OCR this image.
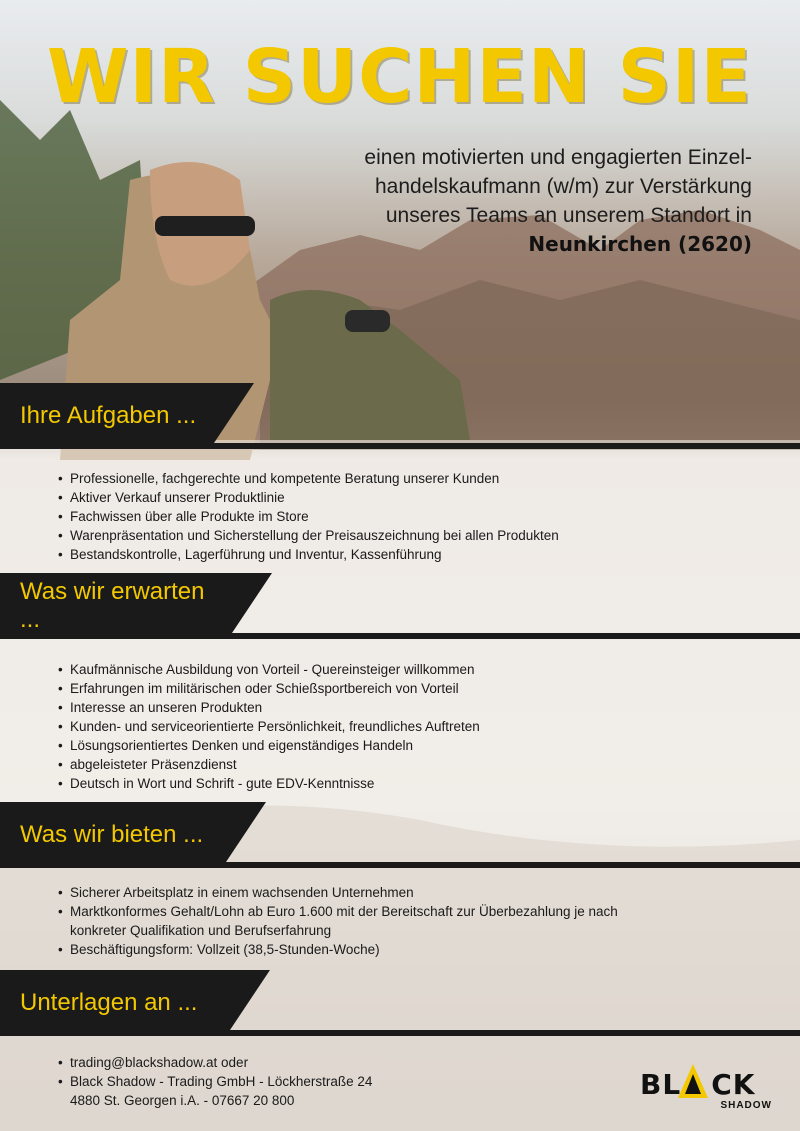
WIR SUCHEN SIE
einen motivierten und engagierten Einzel-
handelskaufmann (w/m) zur Verstärkung
unseres Teams an unserem Standort in
Neunkirchen (2620)
Ihre Aufgaben ...
• Professionelle, fachgerechte und kompetente Beratung unserer Kunden
• Aktiver Verkauf unserer Produktlinie
• Fachwissen über alle Produkte im Store
• Warenpräsentation und Sicherstellung der Preisauszeichnung bei allen Produkten
• Bestandskontrolle, Lagerführung und Inventur, Kassenführung
Was wir erwarten ...
• Kaufmännische Ausbildung von Vorteil - Quereinsteiger willkommen
• Erfahrungen im militärischen oder Schießsportbereich von Vorteil
• Interesse an unseren Produkten
• Kunden- und serviceorientierte Persönlichkeit, freundliches Auftreten
• Lösungsorientiertes Denken und eigenständiges Handeln
• abgeleisteter Präsenzdienst
• Deutsch in Wort und Schrift - gute EDV-Kenntnisse
Was wir bieten ...
• Sicherer Arbeitsplatz in einem wachsenden Unternehmen
• Marktkonformes Gehalt/Lohn ab Euro 1.600 mit der Bereitschaft zur Überbezahlung je nach
konkreter Qualifikation und Berufserfahrung
• Beschäftigungsform: Vollzeit (38,5-Stunden-Woche)
Unterlagen an ...
• trading@blackshadow.at oder
• Black Shadow - Trading GmbH - Löckherstraße 24
4880 St. Georgen i.A. - 07667 20 800	BL CK
SHADOW
